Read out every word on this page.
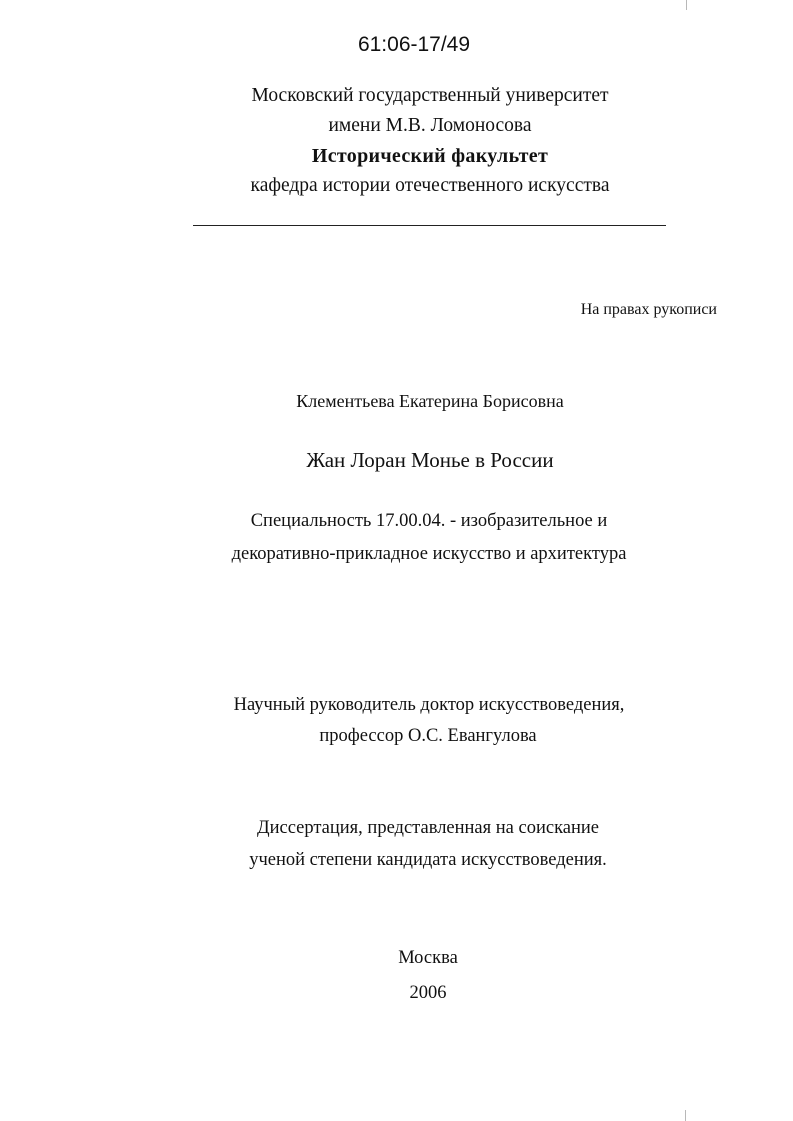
61:06-17/49
Московский государственный университет
имени М.В. Ломоносова
Исторический факультет
кафедра истории отечественного искусства
На правах рукописи
Клементьева Екатерина Борисовна
Жан Лоран Монье в России
Специальность 17.00.04. - изобразительное и
декоративно-прикладное искусство и архитектура
Научный руководитель доктор искусствоведения,
профессор О.С. Евангулова
Диссертация, представленная на соискание
ученой степени кандидата искусствоведения.
Москва
2006
